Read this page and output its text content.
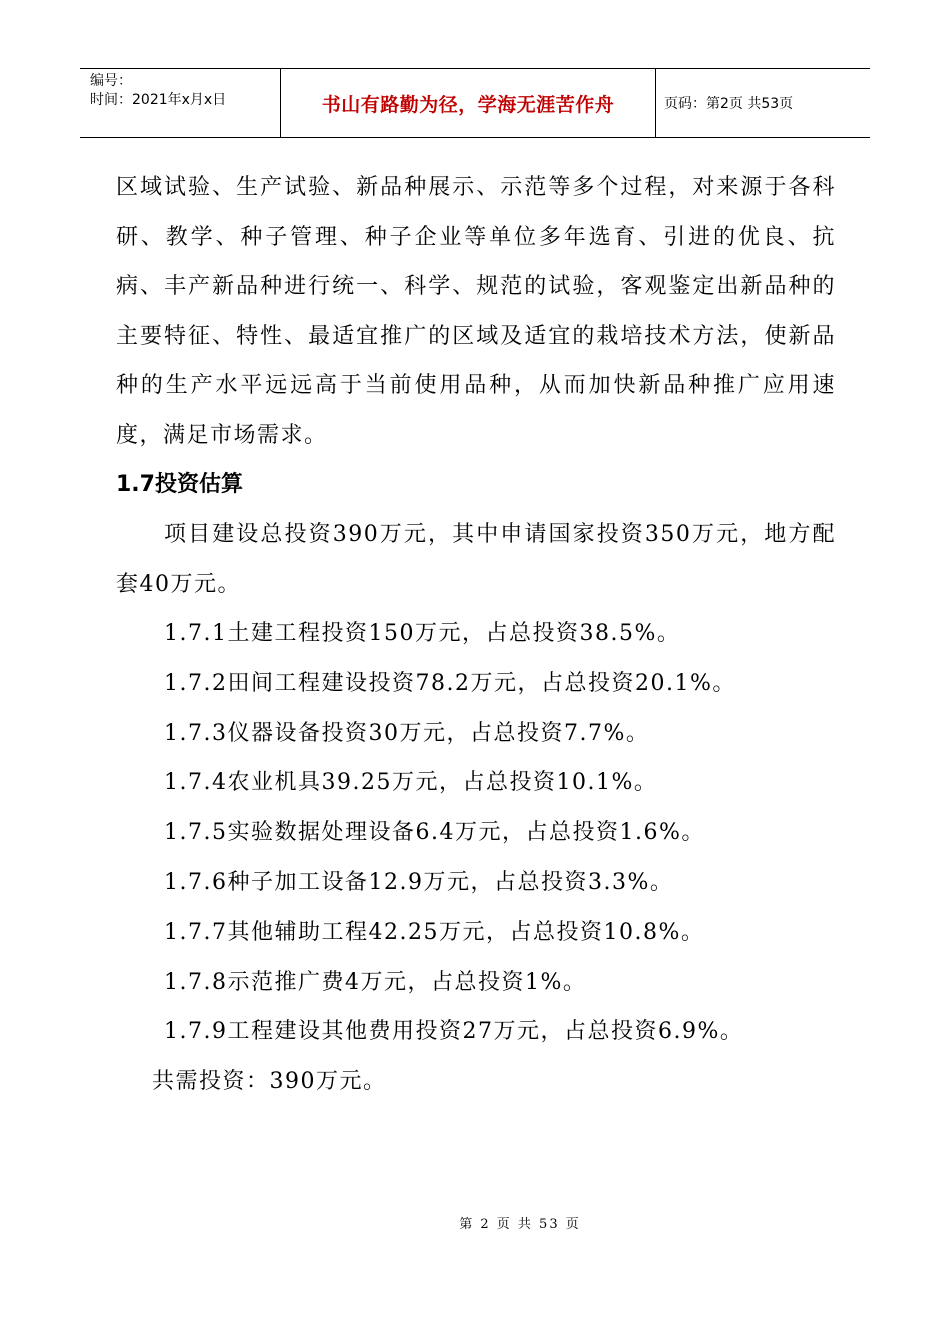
编号：
时间：2021年x月x日	书山有路勤为径，学海无涯苦作舟	页码：第2页 共53页

区域试验、生产试验、新品种展示、示范等多个过程，对来源于各科研、教学、种子管理、种子企业等单位多年选育、引进的优良、抗病、丰产新品种进行统一、科学、规范的试验，客观鉴定出新品种的主要特征、特性、最适宜推广的区域及适宜的栽培技术方法，使新品种的生产水平远远高于当前使用品种，从而加快新品种推广应用速度，满足市场需求。

1.7投资估算

项目建设总投资390万元，其中申请国家投资350万元，地方配套40万元。

1.7.1土建工程投资150万元，占总投资38.5%。
1.7.2田间工程建设投资78.2万元，占总投资20.1%。
1.7.3仪器设备投资30万元，占总投资7.7%。
1.7.4农业机具39.25万元，占总投资10.1%。
1.7.5实验数据处理设备6.4万元，占总投资1.6%。
1.7.6种子加工设备12.9万元，占总投资3.3%。
1.7.7其他辅助工程42.25万元，占总投资10.8%。
1.7.8示范推广费4万元，占总投资1%。
1.7.9工程建设其他费用投资27万元，占总投资6.9%。
共需投资：390万元。
第 2 页 共 53 页
